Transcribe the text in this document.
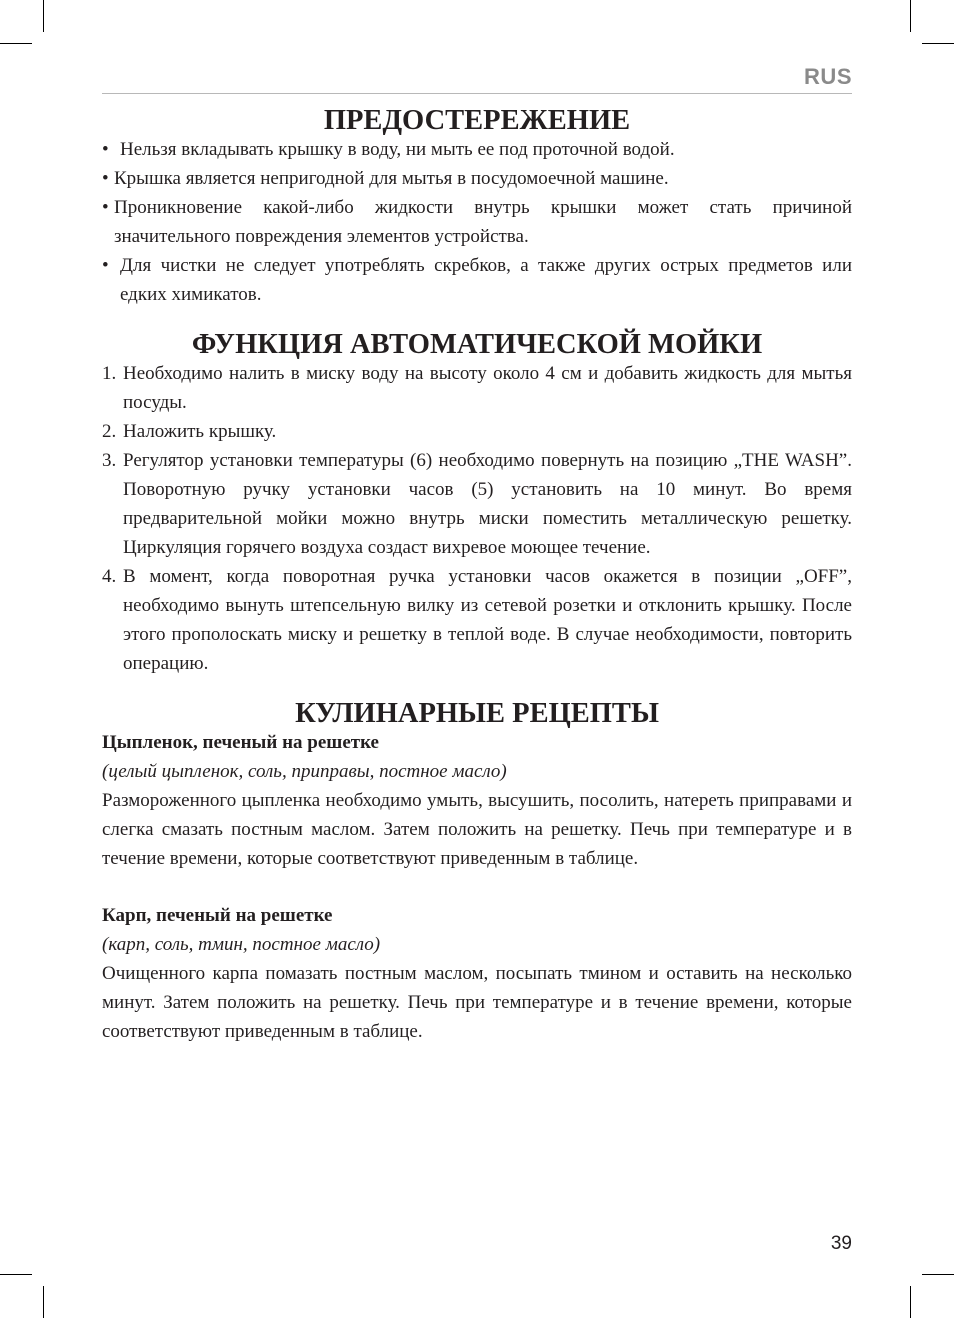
RUS
ПРЕДОСТЕРЕЖЕНИЕ
• Нельзя вкладывать крышку в воду, ни мыть ее под проточной водой.
• Крышка является непригодной для мытья в посудомоечной машине.
• Проникновение какой-либо жидкости внутрь крышки может стать причиной значительного повреждения элементов устройства.
• Для чистки не следует употреблять скребков, а также других острых предметов или едких химикатов.
ФУНКЦИЯ АВТОМАТИЧЕСКОЙ МОЙКИ
1. Необходимо налить в миску воду на высоту около 4 см и добавить жидкость для мытья посуды.
2. Наложить крышку.
3. Регулятор установки температуры (6) необходимо повернуть на позицию „THE WASH”. Поворотную ручку установки часов (5) установить на 10 минут. Во время предварительной мойки можно внутрь миски поместить металлическую решетку. Циркуляция горячего воздуха создаст вихревое моющее течение.
4. В момент, когда поворотная ручка установки часов окажется в позиции „OFF”, необходимо вынуть штепсельную вилку из сетевой розетки и отклонить крышку. После этого прополоскать миску и решетку в теплой воде. В случае необходимости, повторить операцию.
КУЛИНАРНЫЕ РЕЦЕПТЫ
Цыпленок, печеный на решетке
(целый цыпленок, соль, приправы, постное масло)
Размороженного цыпленка необходимо умыть, высушить, посолить, натереть приправами и слегка смазать постным маслом. Затем положить на решетку. Печь при температуре и в течение времени, которые соответствуют приведенным в таблице.
Карп, печеный на решетке
(карп, соль, тмин, постное масло)
Очищенного карпа помазать постным маслом, посыпать тмином и оставить на несколько минут. Затем положить на решетку. Печь при температуре и в течение времени, которые соответствуют приведенным в таблице.
39
